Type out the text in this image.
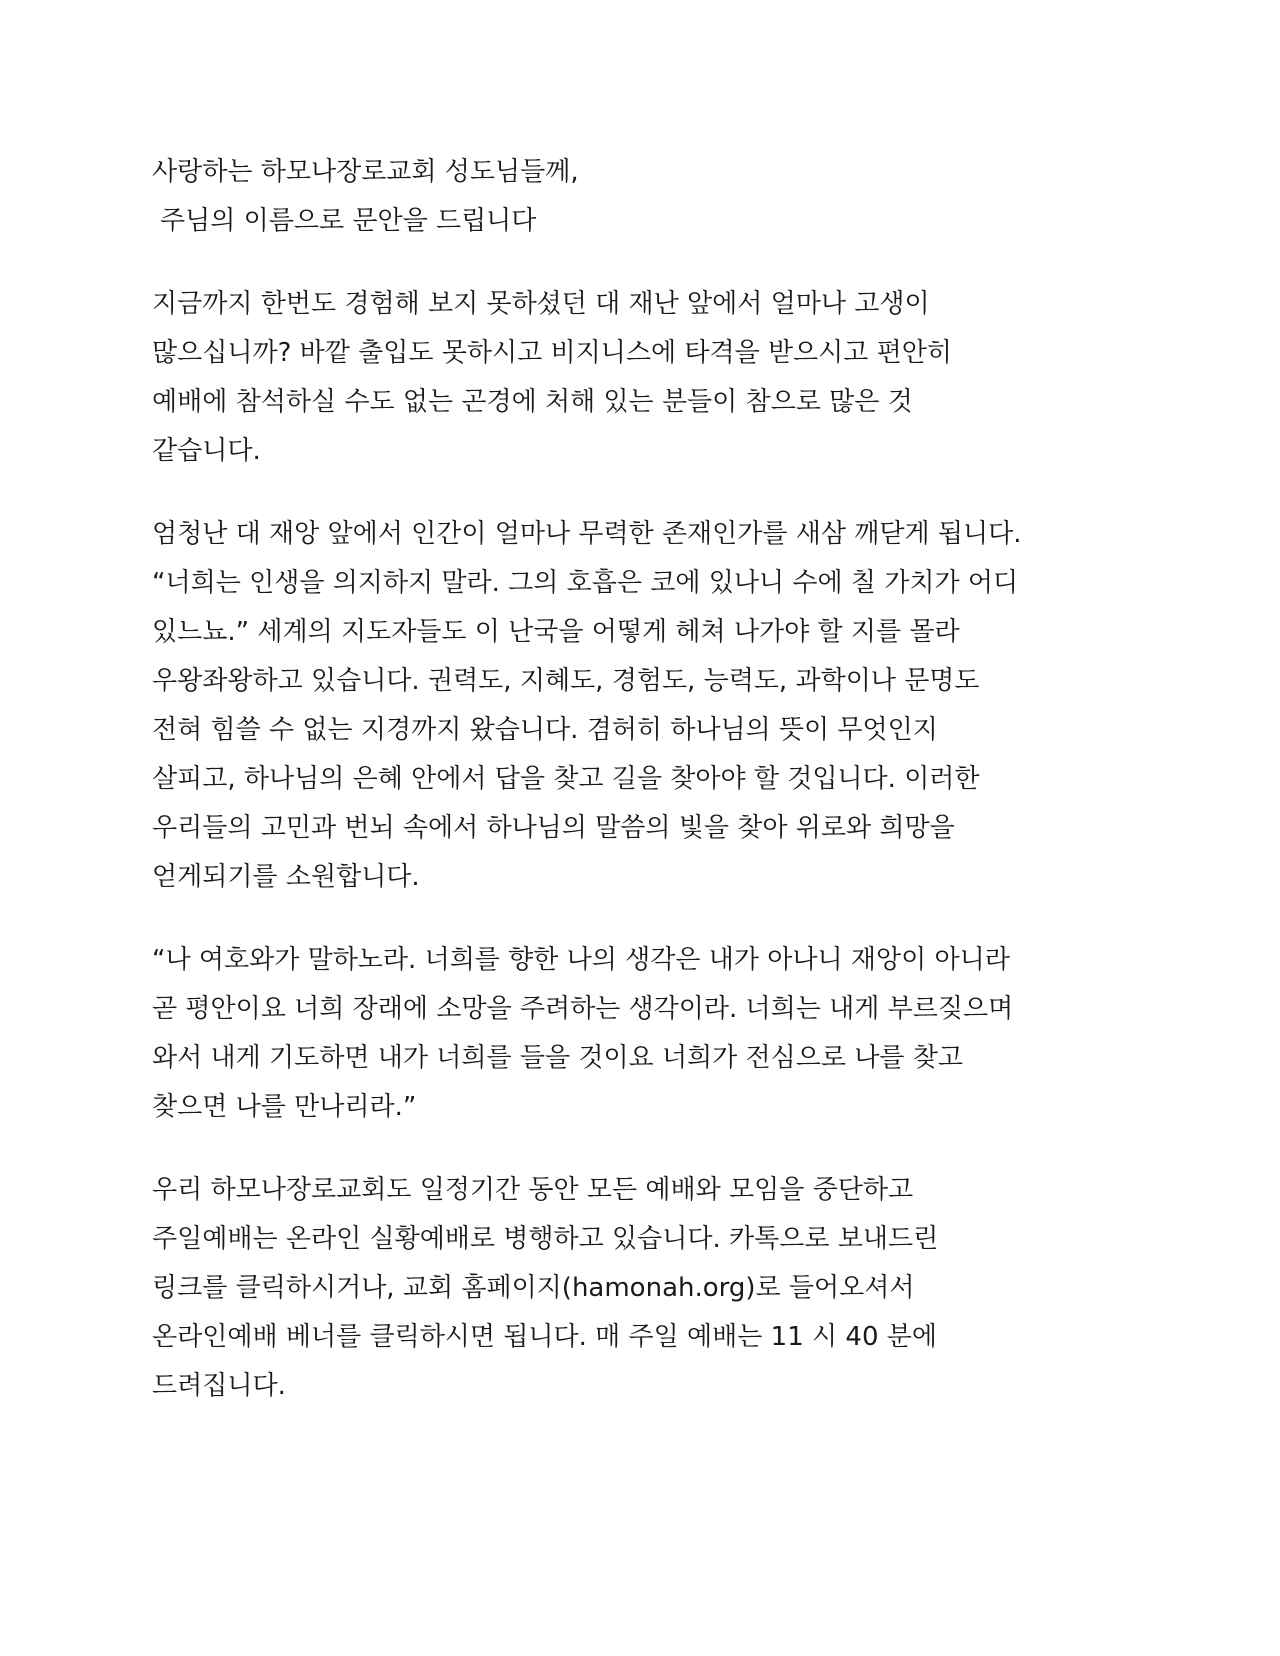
사랑하는 하모나장로교회 성도님들께,
주님의 이름으로 문안을 드립니다
지금까지 한번도 경험해 보지 못하셨던 대 재난 앞에서 얼마나 고생이
많으십니까? 바깥 출입도 못하시고 비지니스에 타격을 받으시고 편안히
예배에 참석하실 수도 없는 곤경에 처해 있는 분들이 참으로 많은 것
같습니다.
엄청난 대 재앙 앞에서 인간이 얼마나 무력한 존재인가를 새삼 깨닫게 됩니다.
“너희는 인생을 의지하지 말라. 그의 호흡은 코에 있나니 수에 칠 가치가 어디
있느뇨.” 세계의 지도자들도 이 난국을 어떻게 헤쳐 나가야 할 지를 몰라
우왕좌왕하고 있습니다. 권력도, 지혜도, 경험도, 능력도, 과학이나 문명도
전혀 힘쓸 수 없는 지경까지 왔습니다. 겸허히 하나님의 뜻이 무엇인지
살피고, 하나님의 은혜 안에서 답을 찾고 길을 찾아야 할 것입니다. 이러한
우리들의 고민과 번뇌 속에서 하나님의 말씀의 빛을 찾아 위로와 희망을
얻게되기를 소원합니다.
“나 여호와가 말하노라. 너희를 향한 나의 생각은 내가 아나니 재앙이 아니라
곧 평안이요 너희 장래에 소망을 주려하는 생각이라. 너희는 내게 부르짖으며
와서 내게 기도하면 내가 너희를 들을 것이요 너희가 전심으로 나를 찾고
찾으면 나를 만나리라.”
우리 하모나장로교회도 일정기간 동안 모든 예배와 모임을 중단하고
주일예배는 온라인 실황예배로 병행하고 있습니다. 카톡으로 보내드린
링크를 클릭하시거나, 교회 홈페이지(hamonah.org)로 들어오셔서
온라인예배 베너를 클릭하시면 됩니다. 매 주일 예배는 11 시 40 분에
드려집니다.
